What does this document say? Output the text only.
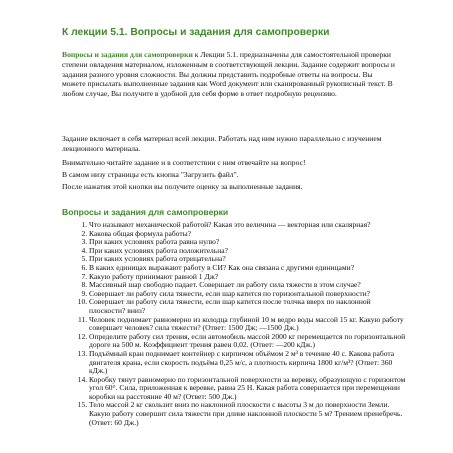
К лекции 5.1. Вопросы и задания для самопроверки

Вопросы и задания для самопроверки к Лекции 5.1. предназначены для самостоятельной проверки степени овладения материалом, изложенным в соответствующей лекции. Задание содержит вопросы и задания разного уровня сложности. Вы должны представить подробные ответы на вопросы. Вы можете присылать выполненные задания как Word документ или сканированный рукописный текст. В любом случае, Вы получите в удобной для себя форме в ответ подробную рецензию.

Задание включает в себя материал всей лекции. Работать над ним нужно параллельно с изучением лекционного материала.

Внимательно читайте задание и в соответствии с ним отвечайте на вопрос!

В самом низу страницы есть кнопка "Загрузить файл".

После нажатия этой кнопки вы получите оценку за выполненные задания.

Вопросы и задания для самопроверки
1. Что называют механической работой? Какая это величина — векторная или скалярная?
2. Какова общая формула работы?
3. При каких условиях работа равна нулю?
4. При каких условиях работа положительна?
5. При каких условиях работа отрицательна?
6. В каких единицах выражают работу в СИ? Как она связана с другими единицами?
7. Какую работу принимают равной 1 Дж?
8. Массивный шар свободно падает. Совершает ли работу сила тяжести в этом случае?
9. Совершает ли работу сила тяжести, если шар катится по горизонтальной поверхности?
10. Совершает ли работу сила тяжести, если шар катится после толчка вверх по наклонной плоскости? вниз?
11. Человек поднимает равномерно из колодца глубиной 10 м ведро воды массой 15 кг. Какую работу совершает человек? сила тяжести? (Ответ: 1500 Дж; —1500 Дж.)
12. Определите работу сил трения, если автомобиль массой 2000 кг перемещается по горизонтальной дороге на 500 м. Коэффициент трения равен 0,02. (Ответ: —200 кДж.)
13. Подъёмный кран поднимает контейнер с кирпичом объёмом 2 м³ в течение 40 с. Какова работа двигателя крана, если скорость подъёма 0,25 м/с, а плотность кирпича 1800 кг/м³? (Ответ: 360 кДж.)
14. Коробку тянут равномерно по горизонтальной поверхности за веревку, образующую с горизонтом угол 60°. Сила, приложенная к веревке, равна 25 Н. Какая работа совершается при перемещении коробки на расстояние 40 м? (Ответ: 500 Дж.)
15. Тело массой 2 кг скользит вниз по наклонной плоскости с высоты 3 м до поверхности Земли. Какую работу совершит сила тяжести при длине наклонной плоскости 5 м? Трением пренебречь. (Ответ: 60 Дж.)
